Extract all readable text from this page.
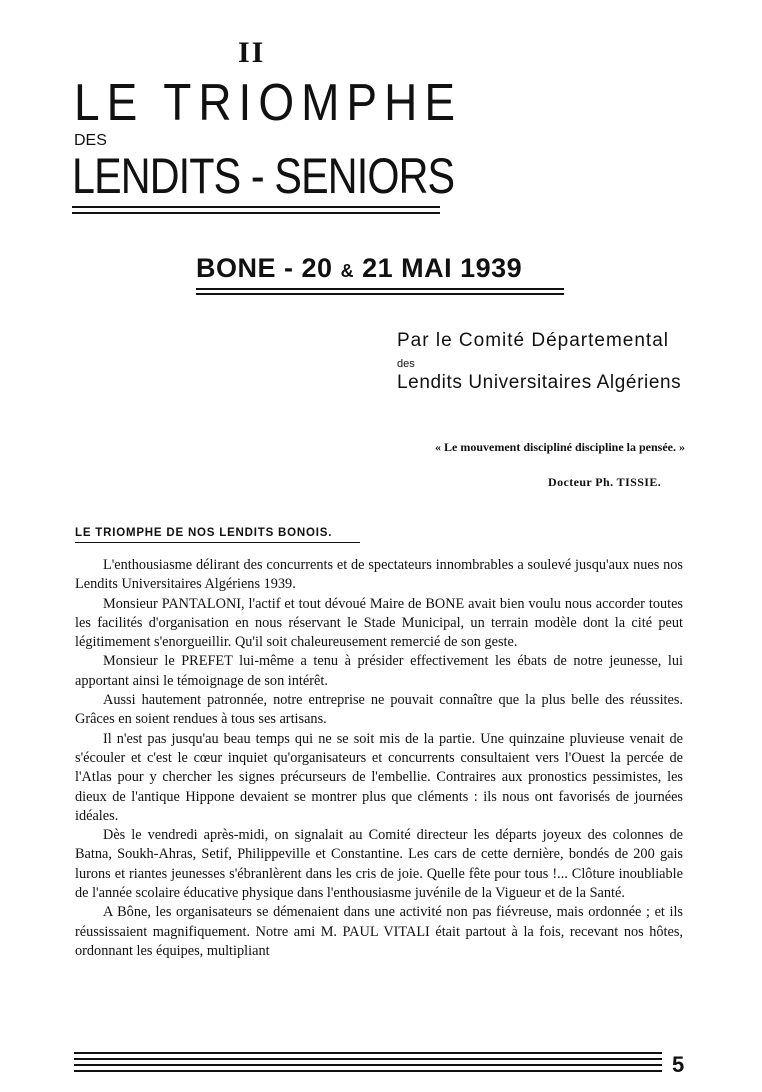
II
LE TRIOMPHE
DES
LENDITS - SENIORS
BONE - 20 & 21 MAI 1939
Par le Comité Départemental
des
Lendits Universitaires Algériens
« Le mouvement discipliné discipline la pensée. »
Docteur Ph. TISSIE.
LE TRIOMPHE DE NOS LENDITS BONOIS.

L'enthousiasme délirant des concurrents et de spectateurs innombrables a soulevé jusqu'aux nues nos Lendits Universitaires Algériens 1939.

Monsieur PANTALONI, l'actif et tout dévoué Maire de BONE avait bien voulu nous accorder toutes les facilités d'organisation en nous réservant le Stade Municipal, un terrain modèle dont la cité peut légitimement s'enorgueillir. Qu'il soit chaleureusement remercié de son geste.

Monsieur le PREFET lui-même a tenu à présider effectivement les ébats de notre jeunesse, lui apportant ainsi le témoignage de son intérêt.

Aussi hautement patronnée, notre entreprise ne pouvait connaître que la plus belle des réussites. Grâces en soient rendues à tous ses artisans.

Il n'est pas jusqu'au beau temps qui ne se soit mis de la partie. Une quinzaine pluvieuse venait de s'écouler et c'est le cœur inquiet qu'organisateurs et concurrents consultaient vers l'Ouest la percée de l'Atlas pour y chercher les signes précurseurs de l'embellie. Contraires aux pronostics pessimistes, les dieux de l'antique Hippone devaient se montrer plus que cléments : ils nous ont favorisés de journées idéales.

Dès le vendredi après-midi, on signalait au Comité directeur les départs joyeux des colonnes de Batna, Soukh-Ahras, Setif, Philippeville et Constantine. Les cars de cette dernière, bondés de 200 gais lurons et riantes jeunesses s'ébranlèrent dans les cris de joie. Quelle fête pour tous !... Clôture inoubliable de l'année scolaire éducative physique dans l'enthousiasme juvénile de la Vigueur et de la Santé.

A Bône, les organisateurs se démenaient dans une activité non pas fiévreuse, mais ordonnée ; et ils réussissaient magnifiquement. Notre ami M. PAUL VITALI était partout à la fois, recevant nos hôtes, ordonnant les équipes, multipliant

5
